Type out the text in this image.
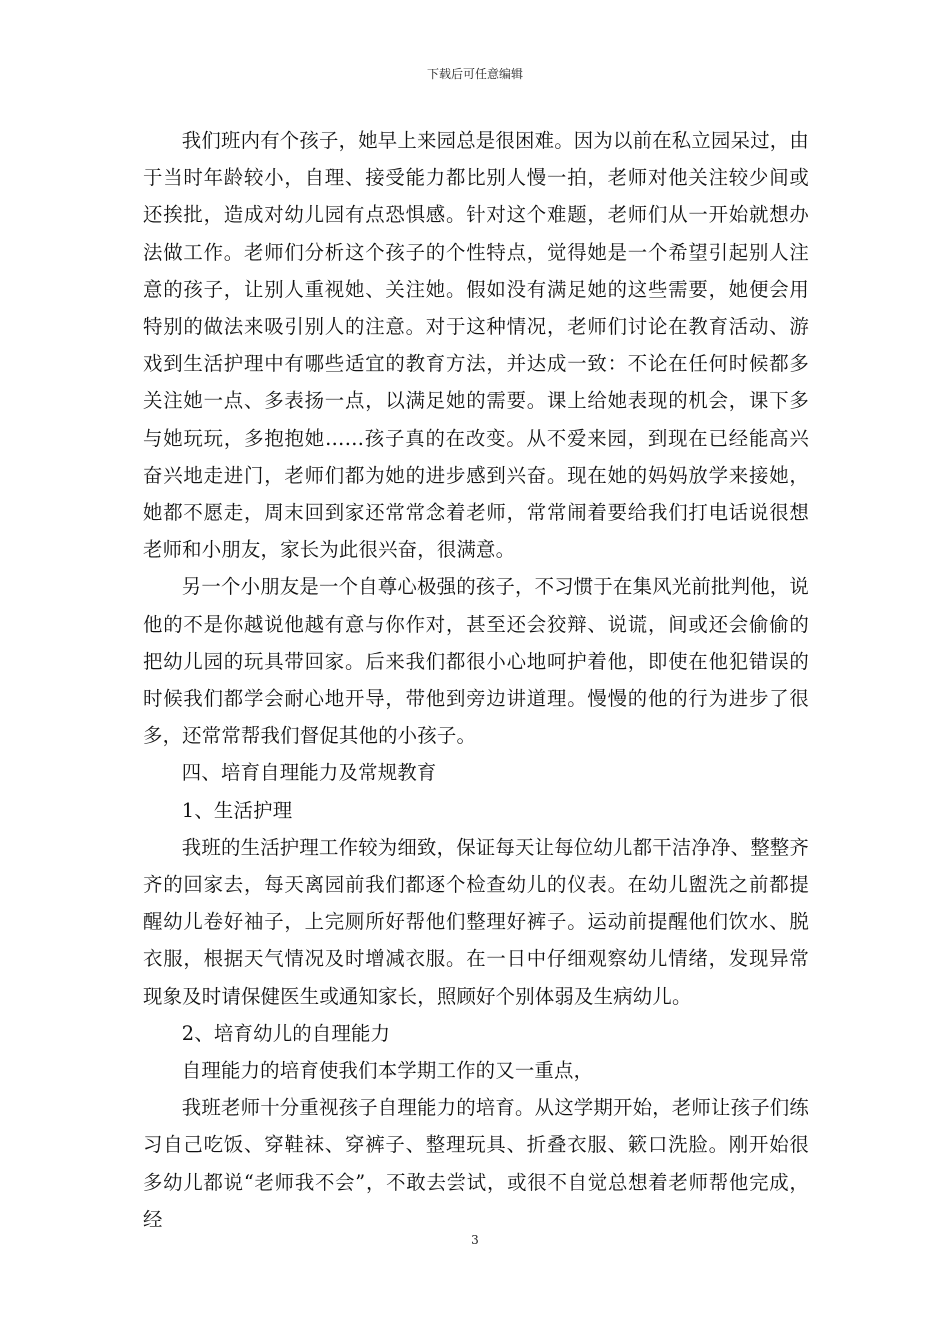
下载后可任意编辑

我们班内有个孩子，她早上来园总是很困难。因为以前在私立园呆过，由于当时年龄较小，自理、接受能力都比别人慢一拍，老师对他关注较少间或还挨批，造成对幼儿园有点恐惧感。针对这个难题，老师们从一开始就想办法做工作。老师们分析这个孩子的个性特点，觉得她是一个希望引起别人注意的孩子，让别人重视她、关注她。假如没有满足她的这些需要，她便会用特别的做法来吸引别人的注意。对于这种情况，老师们讨论在教育活动、游戏到生活护理中有哪些适宜的教育方法，并达成一致：不论在任何时候都多关注她一点、多表扬一点，以满足她的需要。课上给她表现的机会，课下多与她玩玩，多抱抱她……孩子真的在改变。从不爱来园，到现在已经能高兴奋兴地走进门，老师们都为她的进步感到兴奋。现在她的妈妈放学来接她，她都不愿走，周末回到家还常常念着老师，常常闹着要给我们打电话说很想老师和小朋友，家长为此很兴奋，很满意。

另一个小朋友是一个自尊心极强的孩子，不习惯于在集风光前批判他，说他的不是你越说他越有意与你作对，甚至还会狡辩、说谎，间或还会偷偷的把幼儿园的玩具带回家。后来我们都很小心地呵护着他，即使在他犯错误的时候我们都学会耐心地开导，带他到旁边讲道理。慢慢的他的行为进步了很多，还常常帮我们督促其他的小孩子。

四、培育自理能力及常规教育

1、生活护理

我班的生活护理工作较为细致，保证每天让每位幼儿都干洁净净、整整齐齐的回家去，每天离园前我们都逐个检查幼儿的仪表。在幼儿盥洗之前都提醒幼儿卷好袖子，上完厕所好帮他们整理好裤子。运动前提醒他们饮水、脱衣服，根据天气情况及时增减衣服。在一日中仔细观察幼儿情绪，发现异常现象及时请保健医生或通知家长，照顾好个别体弱及生病幼儿。

2、培育幼儿的自理能力

自理能力的培育使我们本学期工作的又一重点，

我班老师十分重视孩子自理能力的培育。从这学期开始，老师让孩子们练习自己吃饭、穿鞋袜、穿裤子、整理玩具、折叠衣服、簌口洗脸。刚开始很多幼儿都说“老师我不会”，不敢去尝试，或很不自觉总想着老师帮他完成，经

3
